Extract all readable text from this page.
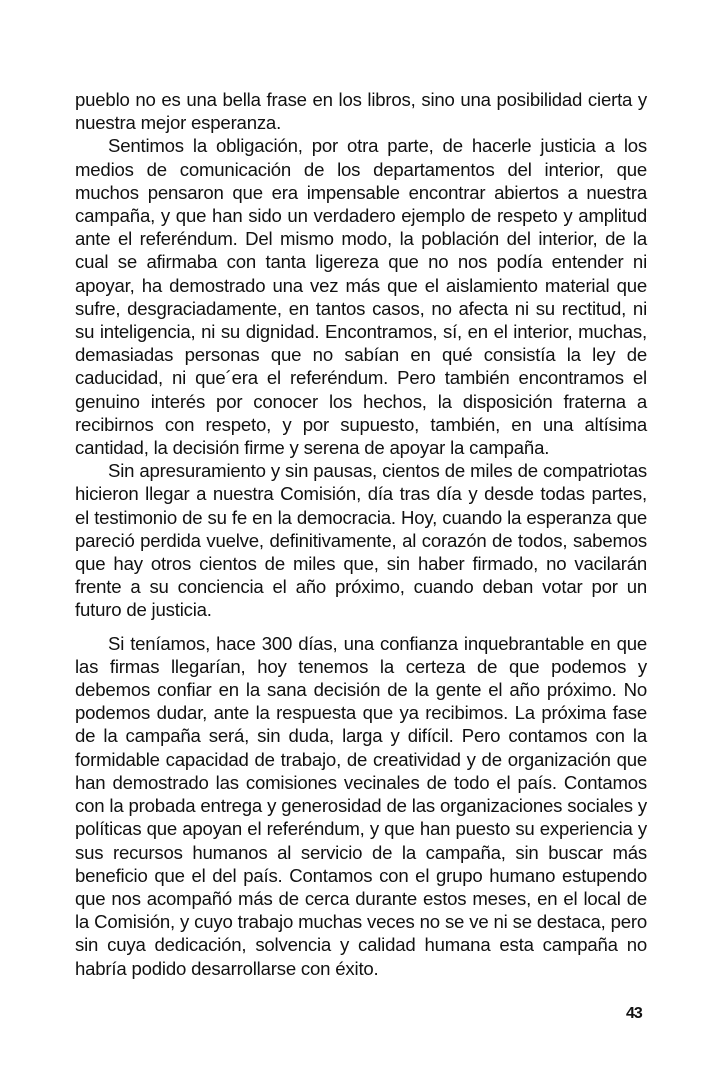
pueblo no es una bella frase en los libros, sino una posibilidad cierta y nuestra mejor esperanza.

Sentimos la obligación, por otra parte, de hacerle justicia a los medios de comunicación de los departamentos del interior, que muchos pensaron que era impensable encontrar abiertos a nuestra campaña, y que han sido un verdadero ejemplo de respeto y amplitud ante el referéndum. Del mismo modo, la población del interior, de la cual se afirmaba con tanta ligereza que no nos podía entender ni apoyar, ha demostrado una vez más que el aislamiento material que sufre, desgraciadamente, en tantos casos, no afecta ni su rectitud, ni su inteligencia, ni su dignidad. Encontramos, sí, en el interior, muchas, demasiadas personas que no sabían en qué consistía la ley de caducidad, ni que´era el referéndum. Pero también encontramos el genuino interés por conocer los hechos, la disposición fraterna a recibirnos con respeto, y por supuesto, también, en una altísima cantidad, la decisión firme y serena de apoyar la campaña.

Sin apresuramiento y sin pausas, cientos de miles de compatriotas hicieron llegar a nuestra Comisión, día tras día y desde todas partes, el testimonio de su fe en la democracia. Hoy, cuando la esperanza que pareció perdida vuelve, definitivamente, al corazón de todos, sabemos que hay otros cientos de miles que, sin haber firmado, no vacilarán frente a su conciencia el año próximo, cuando deban votar por un futuro de justicia.

Si teníamos, hace 300 días, una confianza inquebrantable en que las firmas llegarían, hoy tenemos la certeza de que podemos y debemos confiar en la sana decisión de la gente el año próximo. No podemos dudar, ante la respuesta que ya recibimos. La próxima fase de la campaña será, sin duda, larga y difícil. Pero contamos con la formidable capacidad de trabajo, de creatividad y de organización que han demostrado las comisiones vecinales de todo el país. Contamos con la probada entrega y generosidad de las organizaciones sociales y políticas que apoyan el referéndum, y que han puesto su experiencia y sus recursos humanos al servicio de la campaña, sin buscar más beneficio que el del país. Contamos con el grupo humano estupendo que nos acompañó más de cerca durante estos meses, en el local de la Comisión, y cuyo trabajo muchas veces no se ve ni se destaca, pero sin cuya dedicación, solvencia y calidad humana esta campaña no habría podido desarrollarse con éxito.

43
